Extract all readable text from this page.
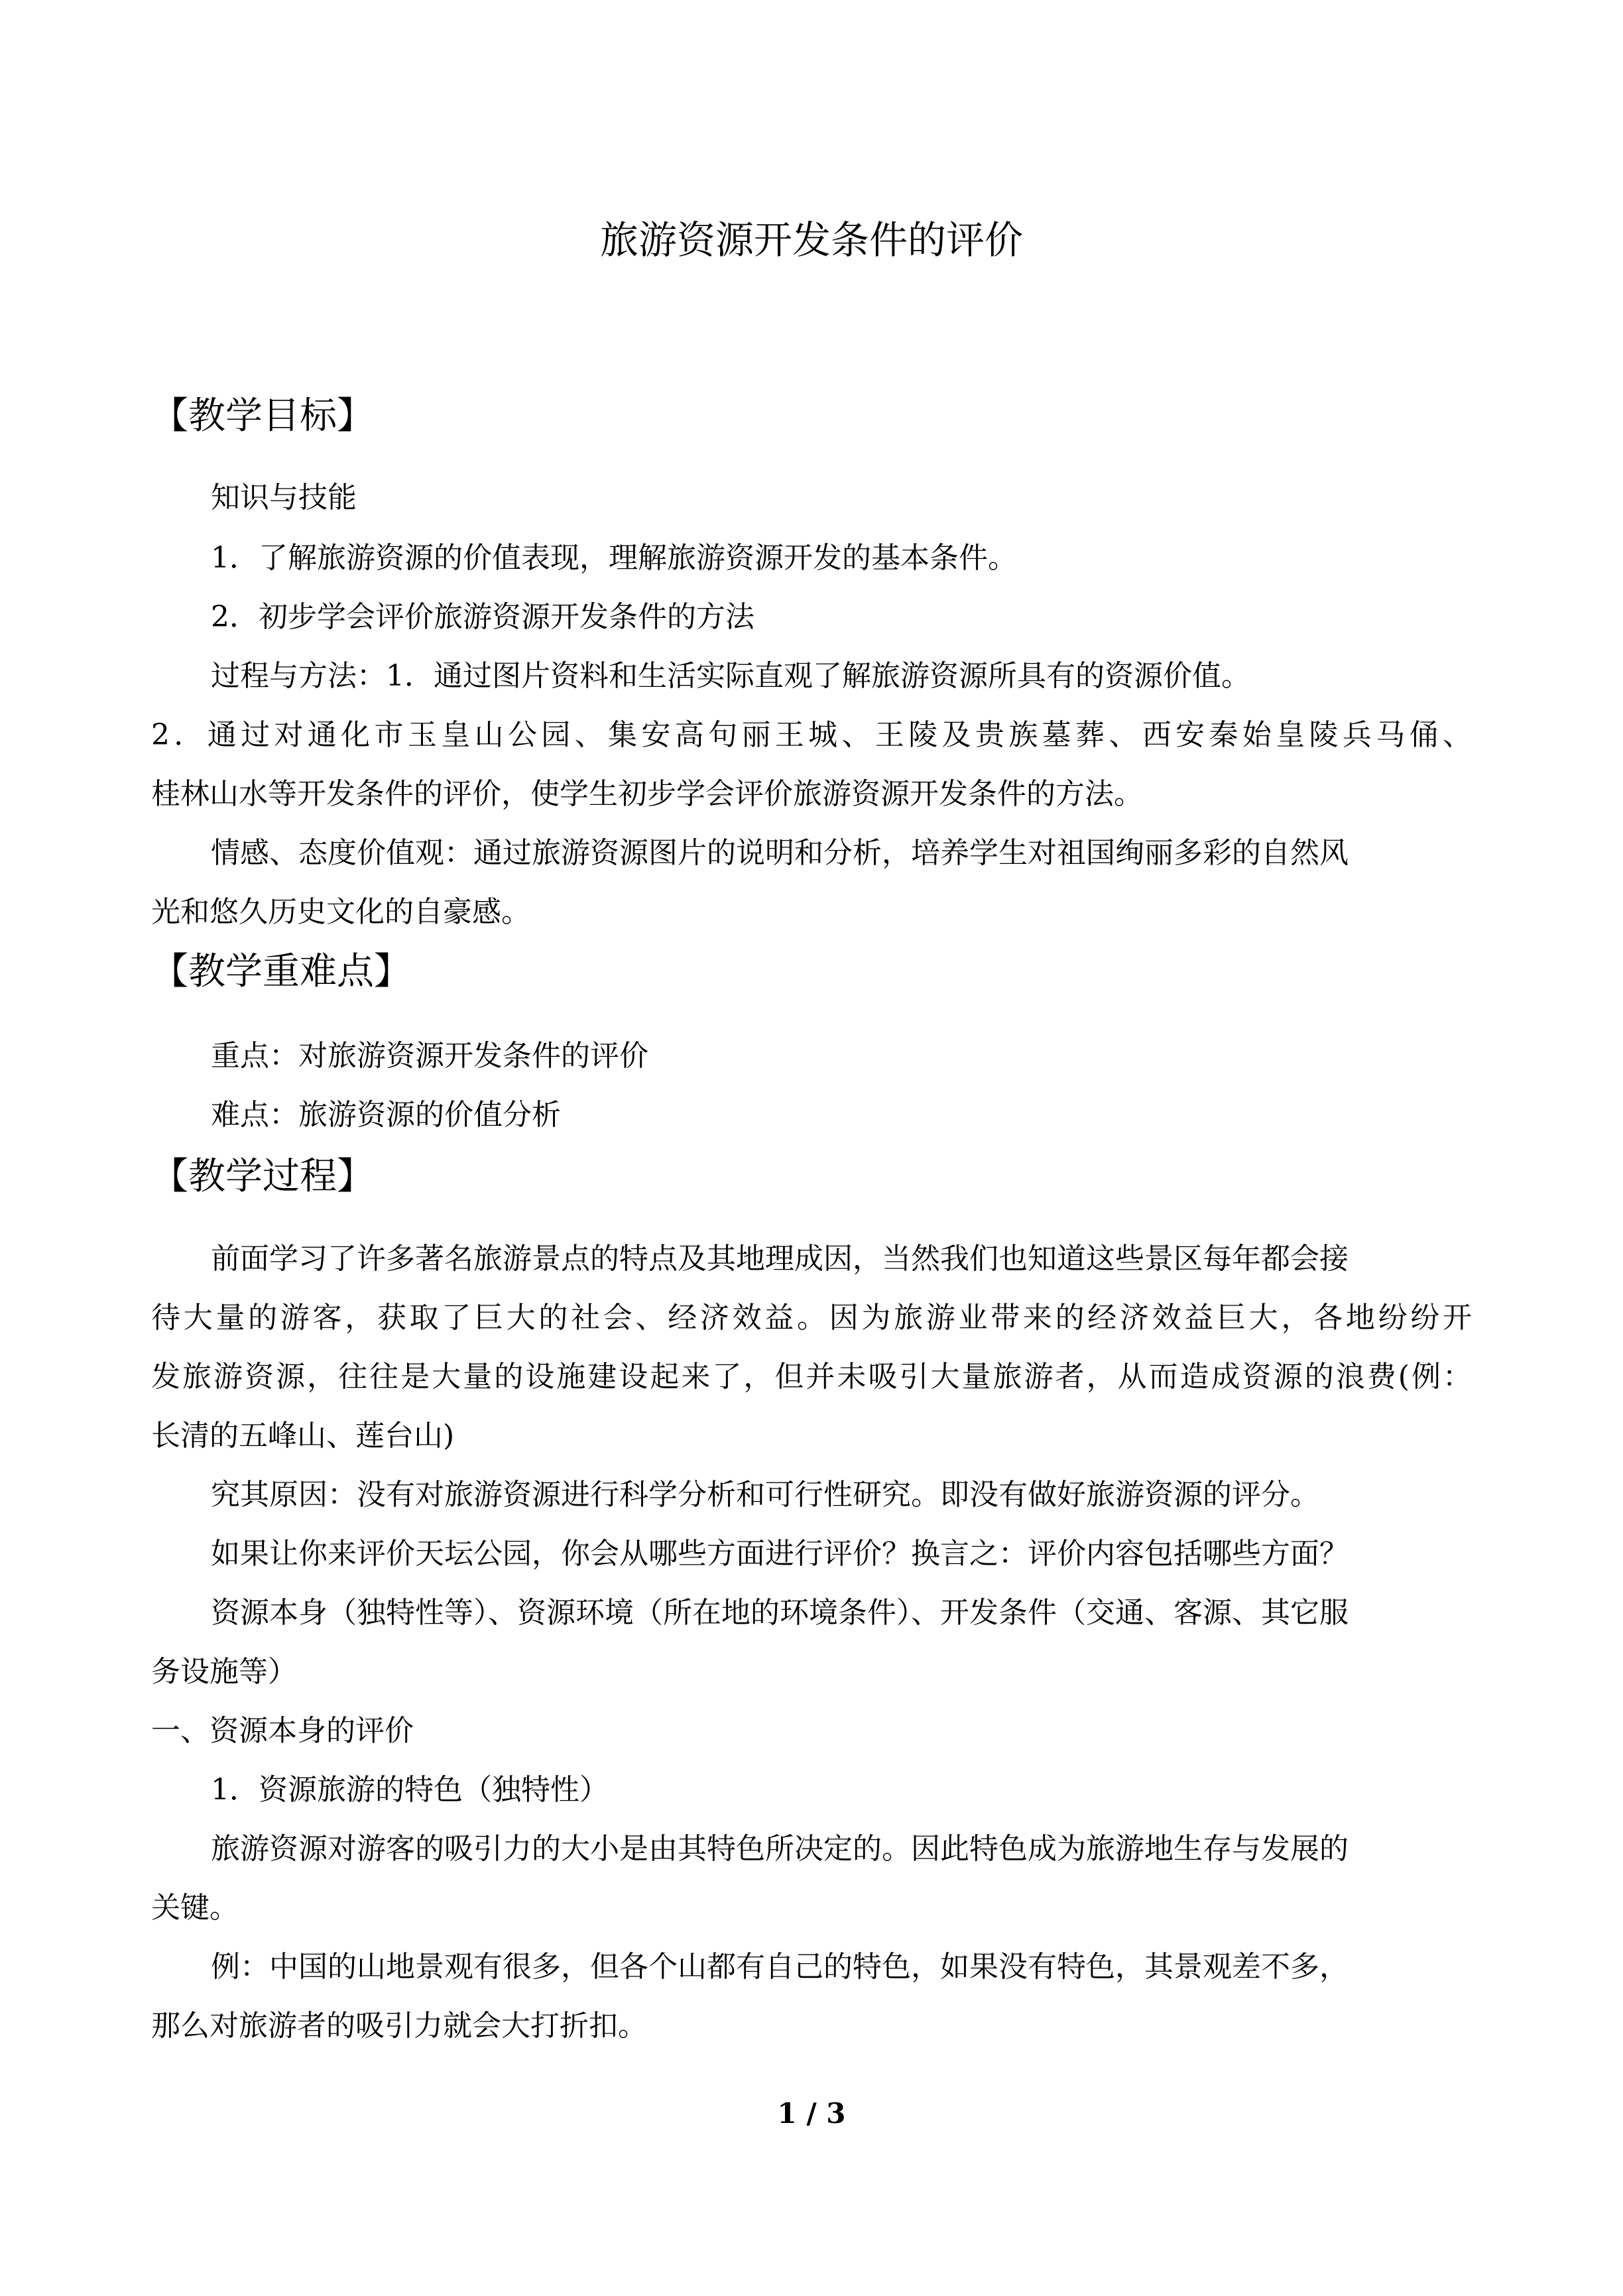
旅游资源开发条件的评价
【教学目标】

知识与技能

1．了解旅游资源的价值表现，理解旅游资源开发的基本条件。

2．初步学会评价旅游资源开发条件的方法

过程与方法：1．通过图片资料和生活实际直观了解旅游资源所具有的资源价值。

2．通过对通化市玉皇山公园、集安高句丽王城、王陵及贵族墓葬、西安秦始皇陵兵马俑、

桂林山水等开发条件的评价，使学生初步学会评价旅游资源开发条件的方法。

情感、态度价值观：通过旅游资源图片的说明和分析，培养学生对祖国绚丽多彩的自然风

光和悠久历史文化的自豪感。

【教学重难点】

重点：对旅游资源开发条件的评价

难点：旅游资源的价值分析

【教学过程】

前面学习了许多著名旅游景点的特点及其地理成因，当然我们也知道这些景区每年都会接

待大量的游客，获取了巨大的社会、经济效益。因为旅游业带来的经济效益巨大，各地纷纷开

发旅游资源，往往是大量的设施建设起来了，但并未吸引大量旅游者，从而造成资源的浪费(例：

长清的五峰山、莲台山)

究其原因：没有对旅游资源进行科学分析和可行性研究。即没有做好旅游资源的评分。

如果让你来评价天坛公园，你会从哪些方面进行评价？换言之：评价内容包括哪些方面？

资源本身（独特性等）、资源环境（所在地的环境条件）、开发条件（交通、客源、其它服

务设施等）

一、资源本身的评价

1．资源旅游的特色（独特性）

旅游资源对游客的吸引力的大小是由其特色所决定的。因此特色成为旅游地生存与发展的

关键。

例：中国的山地景观有很多，但各个山都有自己的特色，如果没有特色，其景观差不多，

那么对旅游者的吸引力就会大打折扣。

1 / 3
